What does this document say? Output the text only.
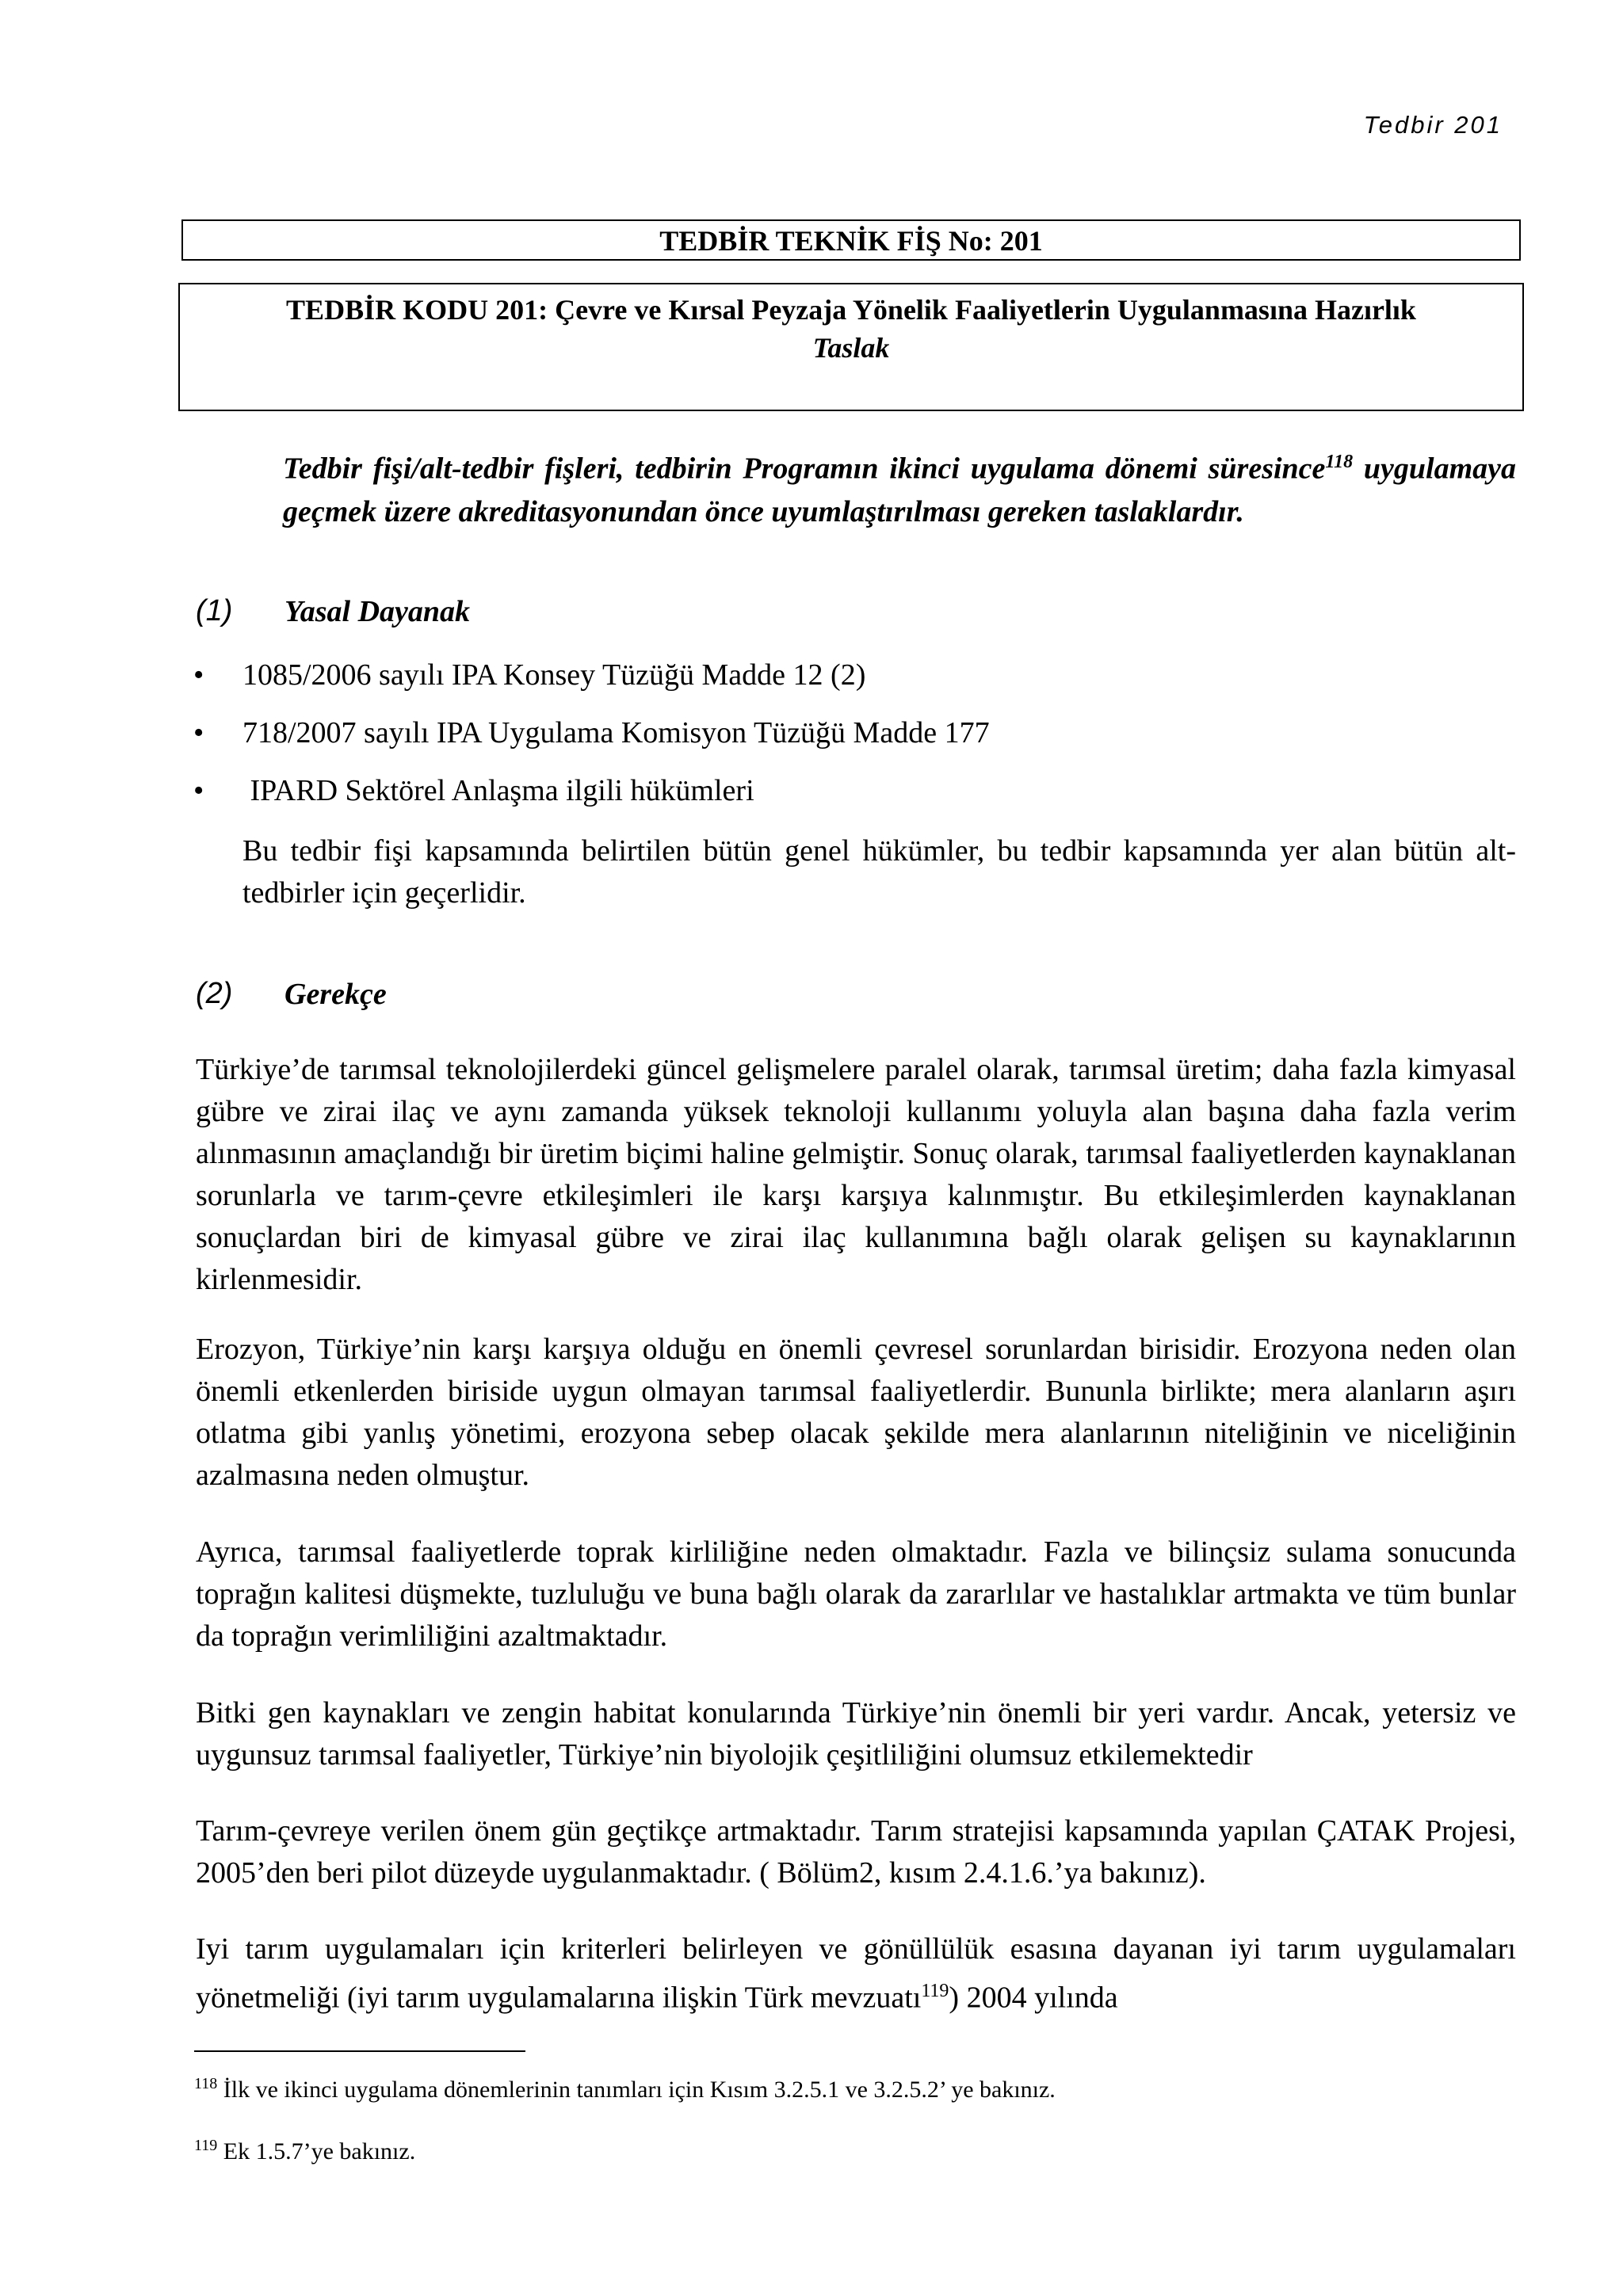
Tedbir 201
TEDBİR TEKNİK FİŞ No: 201
TEDBİR KODU 201: Çevre ve Kırsal Peyzaja Yönelik Faaliyetlerin Uygulanmasına Hazırlık
Taslak
Tedbir fişi/alt-tedbir fişleri, tedbirin Programın ikinci uygulama dönemi süresince$^{118}$ uygulamaya geçmek üzere akreditasyonundan önce uyumlaştırılması gereken taslaklardır.
(1) Yasal Dayanak
• 1085/2006 sayılı IPA Konsey Tüzüğü Madde 12 (2)
• 718/2007 sayılı IPA Uygulama Komisyon Tüzüğü Madde 177
• IPARD Sektörel Anlaşma ilgili hükümleri
Bu tedbir fişi kapsamında belirtilen bütün genel hükümler, bu tedbir kapsamında yer alan bütün alt-tedbirler için geçerlidir.
(2) Gerekçe
Türkiye’de tarımsal teknolojilerdeki güncel gelişmelere paralel olarak, tarımsal üretim; daha fazla kimyasal gübre ve zirai ilaç ve aynı zamanda yüksek teknoloji kullanımı yoluyla alan başına daha fazla verim alınmasının amaçlandığı bir üretim biçimi haline gelmiştir. Sonuç olarak, tarımsal faaliyetlerden kaynaklanan sorunlarla ve tarım-çevre etkileşimleri ile karşı karşıya kalınmıştır. Bu etkileşimlerden kaynaklanan sonuçlardan biri de kimyasal gübre ve zirai ilaç kullanımına bağlı olarak gelişen su kaynaklarının kirlenmesidir.
Erozyon, Türkiye’nin karşı karşıya olduğu en önemli çevresel sorunlardan birisidir. Erozyona neden olan önemli etkenlerden biriside uygun olmayan tarımsal faaliyetlerdir. Bununla birlikte; mera alanların aşırı otlatma gibi yanlış yönetimi, erozyona sebep olacak şekilde mera alanlarının niteliğinin ve niceliğinin azalmasına neden olmuştur.
Ayrıca, tarımsal faaliyetlerde toprak kirliliğine neden olmaktadır. Fazla ve bilinçsiz sulama sonucunda toprağın kalitesi düşmekte, tuzluluğu ve buna bağlı olarak da zararlılar ve hastalıklar artmakta ve tüm bunlar da toprağın verimliliğini azaltmaktadır.
Bitki gen kaynakları ve zengin habitat konularında Türkiye’nin önemli bir yeri vardır. Ancak, yetersiz ve uygunsuz tarımsal faaliyetler, Türkiye’nin biyolojik çeşitliliğini olumsuz etkilemektedir
Tarım-çevreye verilen önem gün geçtikçe artmaktadır. Tarım stratejisi kapsamında yapılan ÇATAK Projesi, 2005’den beri pilot düzeyde uygulanmaktadır. ( Bölüm2, kısım 2.4.1.6.’ya bakınız).
Iyi tarım uygulamaları için kriterleri belirleyen ve gönüllülük esasına dayanan iyi tarım uygulamaları yönetmeliği (iyi tarım uygulamalarına ilişkin Türk mevzuatı$^{119}$) 2004 yılında
$^{118}$ İlk ve ikinci uygulama dönemlerinin tanımları için Kısım 3.2.5.1 ve 3.2.5.2’ ye bakınız.
$^{119}$ Ek 1.5.7’ye bakınız.
